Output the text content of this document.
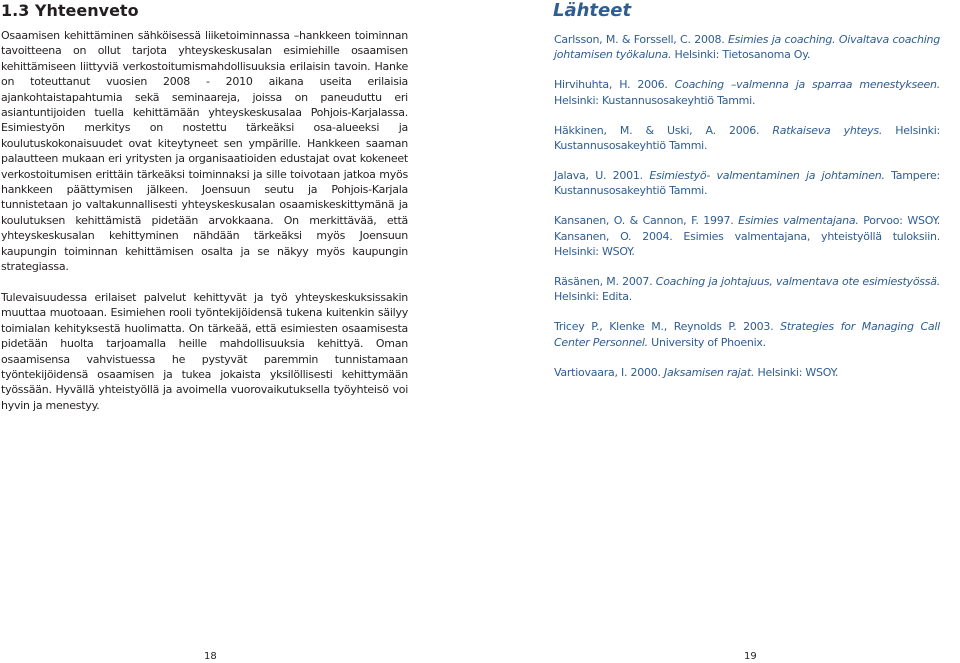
1.3 Yhteenveto

Osaamisen kehittäminen sähköisessä liiketoiminnassa –hankkeen toiminnan tavoitteena on ollut tarjota yhteyskeskusalan esimiehille osaamisen kehittämiseen liittyviä verkostoitumismahdollisuuksia erilaisin tavoin. Hanke on toteuttanut vuosien 2008 - 2010 aikana useita erilaisia ajankohtaistapahtumia sekä seminaareja, joissa on paneuduttu eri asiantuntijoiden tuella kehittämään yhteyskeskusalaa Pohjois-Karjalassa. Esimiestyön merkitys on nostettu tärkeäksi osa-alueeksi ja koulutuskokonaisuudet ovat kiteytyneet sen ympärille. Hankkeen saaman palautteen mukaan eri yritysten ja organisaatioiden edustajat ovat kokeneet verkostoitumisen erittäin tärkeäksi toiminnaksi ja sille toivotaan jatkoa myös hankkeen päättymisen jälkeen. Joensuun seutu ja Pohjois-Karjala tunnistetaan jo valtakunnallisesti yhteyskeskusalan osaamiskeskittymänä ja koulutuksen kehittämistä pidetään arvokkaana. On merkittävää, että yhteyskeskusalan kehittyminen nähdään tärkeäksi myös Joensuun kaupungin toiminnan kehittämisen osalta ja se näkyy myös kaupungin strategiassa.

Tulevaisuudessa erilaiset palvelut kehittyvät ja työ yhteyskeskuksissakin muuttaa muotoaan. Esimiehen rooli työntekijöidensä tukena kuitenkin säilyy toimialan kehityksestä huolimatta. On tärkeää, että esimiesten osaamisesta pidetään huolta tarjoamalla heille mahdollisuuksia kehittyä. Oman osaamisensa vahvistuessa he pystyvät paremmin tunnistamaan työntekijöidensä osaamisen ja tukea jokaista yksilöllisesti kehittymään työssään. Hyvällä yhteistyöllä ja avoimella vuorovaikutuksella työyhteisö voi hyvin ja menestyy.

18
Lähteet

Carlsson, M. & Forssell, C. 2008. Esimies ja coaching. Oivaltava coaching johtamisen työkaluna. Helsinki: Tietosanoma Oy.

Hirvihuhta, H. 2006. Coaching –valmenna ja sparraa menestykseen. Helsinki: Kustannusosakeyhtiö Tammi.

Häkkinen, M. & Uski, A. 2006. Ratkaiseva yhteys. Helsinki: Kustannusosakeyhtiö Tammi.

Jalava, U. 2001. Esimiestyö- valmentaminen ja johtaminen. Tampere: Kustannusosakeyhtiö Tammi.

Kansanen, O. & Cannon, F. 1997. Esimies valmentajana. Porvoo: WSOY. Kansanen, O. 2004. Esimies valmentajana, yhteistyöllä tuloksiin. Helsinki: WSOY.

Räsänen, M. 2007. Coaching ja johtajuus, valmentava ote esimiestyössä. Helsinki: Edita.

Tricey P., Klenke M., Reynolds P. 2003. Strategies for Managing Call Center Personnel. University of Phoenix.

Vartiovaara, I. 2000. Jaksamisen rajat. Helsinki: WSOY.

19
